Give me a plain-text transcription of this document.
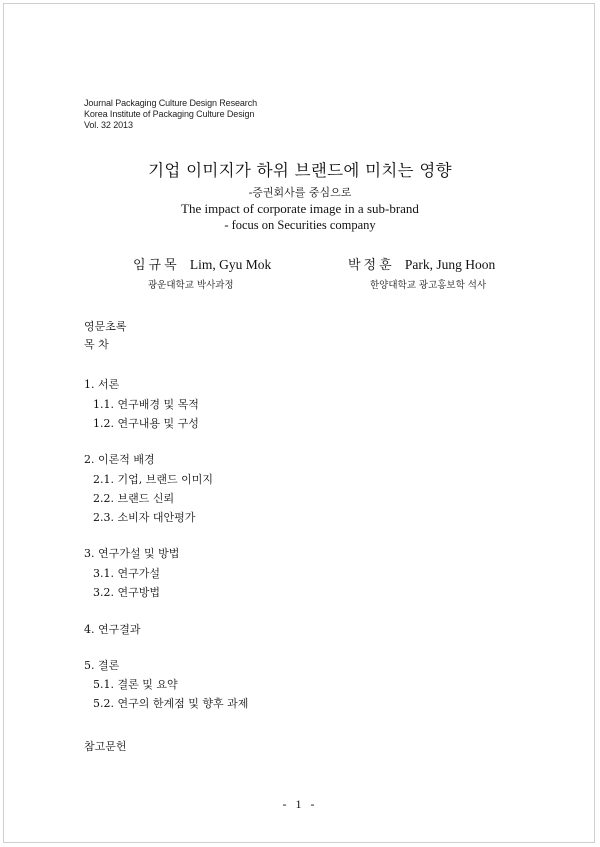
Journal Packaging Culture Design Research
Korea Institute of Packaging Culture Design
Vol. 32 2013
기업 이미지가 하위 브랜드에 미치는 영향
-증권회사를 중심으로
The impact of corporate image in a sub-brand
- focus on Securities company
임규목 Lim, Gyu Mok
광운대학교 박사과정
박정훈 Park, Jung Hoon
한양대학교 광고홍보학 석사
영문초록
목 차
1. 서론
1.1. 연구배경 및 목적
1.2. 연구내용 및 구성
2. 이론적 배경
2.1. 기업, 브랜드 이미지
2.2. 브랜드 신뢰
2.3. 소비자 대안평가
3. 연구가설 및 방법
3.1. 연구가설
3.2. 연구방법
4. 연구결과
5. 결론
5.1. 결론 및 요약
5.2. 연구의 한계점 및 향후 과제
참고문헌
- 1 -
